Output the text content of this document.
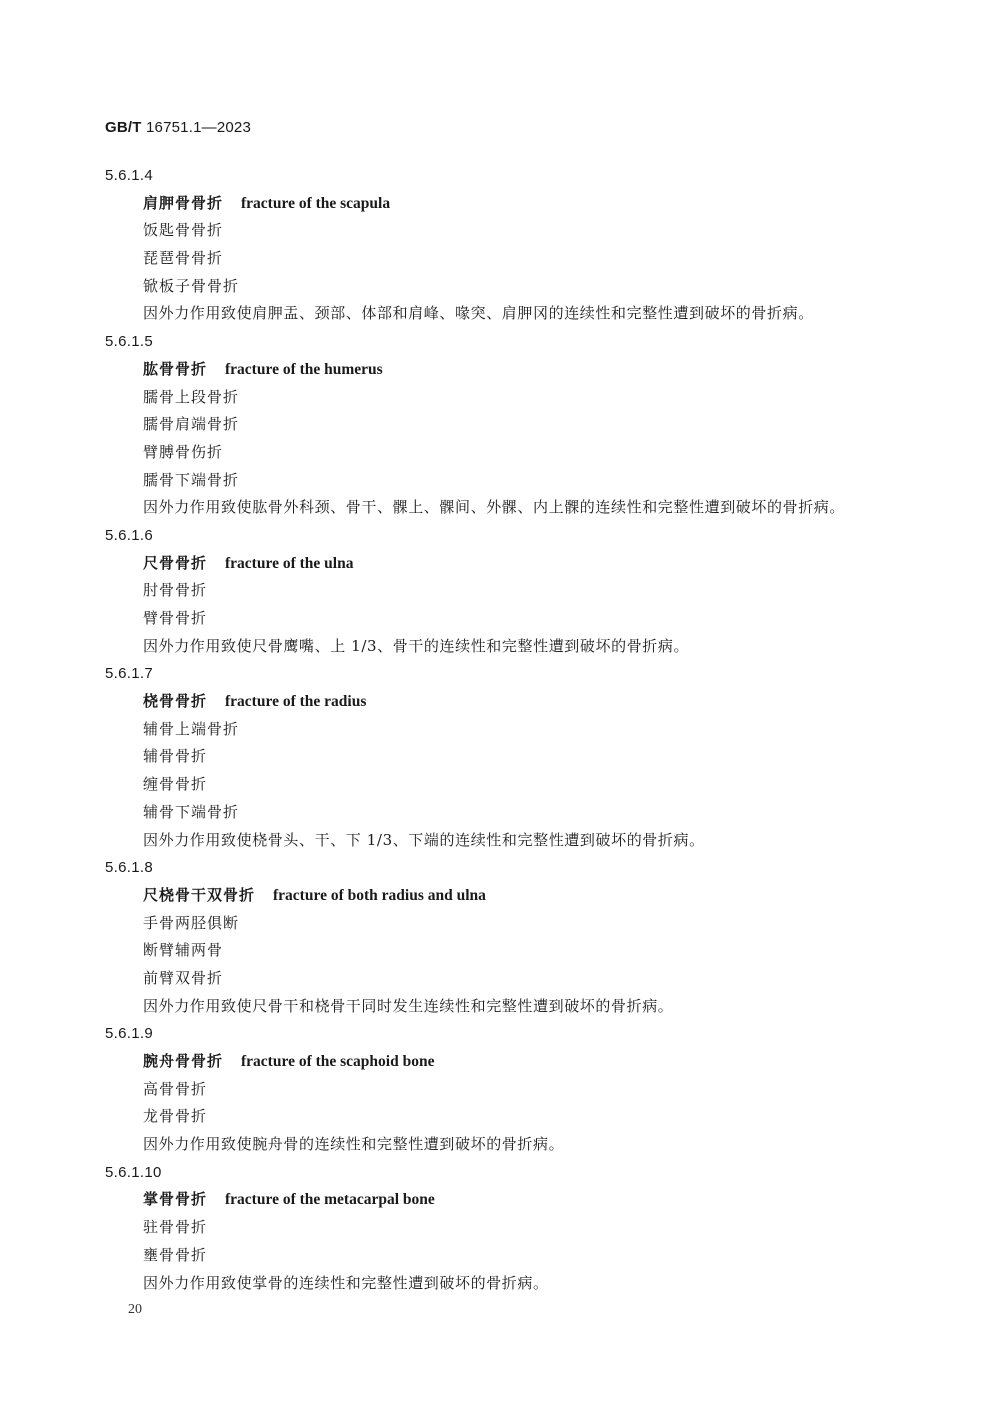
GB/T 16751.1—2023
5.6.1.4
肩胛骨骨折 fracture of the scapula
饭匙骨骨折
琵琶骨骨折
锨板子骨骨折
因外力作用致使肩胛盂、颈部、体部和肩峰、喙突、肩胛冈的连续性和完整性遭到破坏的骨折病。
5.6.1.5
肱骨骨折 fracture of the humerus
臑骨上段骨折
臑骨肩端骨折
臂膊骨伤折
臑骨下端骨折
因外力作用致使肱骨外科颈、骨干、髁上、髁间、外髁、内上髁的连续性和完整性遭到破坏的骨折病。
5.6.1.6
尺骨骨折 fracture of the ulna
肘骨骨折
臂骨骨折
因外力作用致使尺骨鹰嘴、上 1/3、骨干的连续性和完整性遭到破坏的骨折病。
5.6.1.7
桡骨骨折 fracture of the radius
辅骨上端骨折
辅骨骨折
缠骨骨折
辅骨下端骨折
因外力作用致使桡骨头、干、下 1/3、下端的连续性和完整性遭到破坏的骨折病。
5.6.1.8
尺桡骨干双骨折 fracture of both radius and ulna
手骨两胫俱断
断臂辅两骨
前臂双骨折
因外力作用致使尺骨干和桡骨干同时发生连续性和完整性遭到破坏的骨折病。
5.6.1.9
腕舟骨骨折 fracture of the scaphoid bone
高骨骨折
龙骨骨折
因外力作用致使腕舟骨的连续性和完整性遭到破坏的骨折病。
5.6.1.10
掌骨骨折 fracture of the metacarpal bone
驻骨骨折
壅骨骨折
因外力作用致使掌骨的连续性和完整性遭到破坏的骨折病。
20
